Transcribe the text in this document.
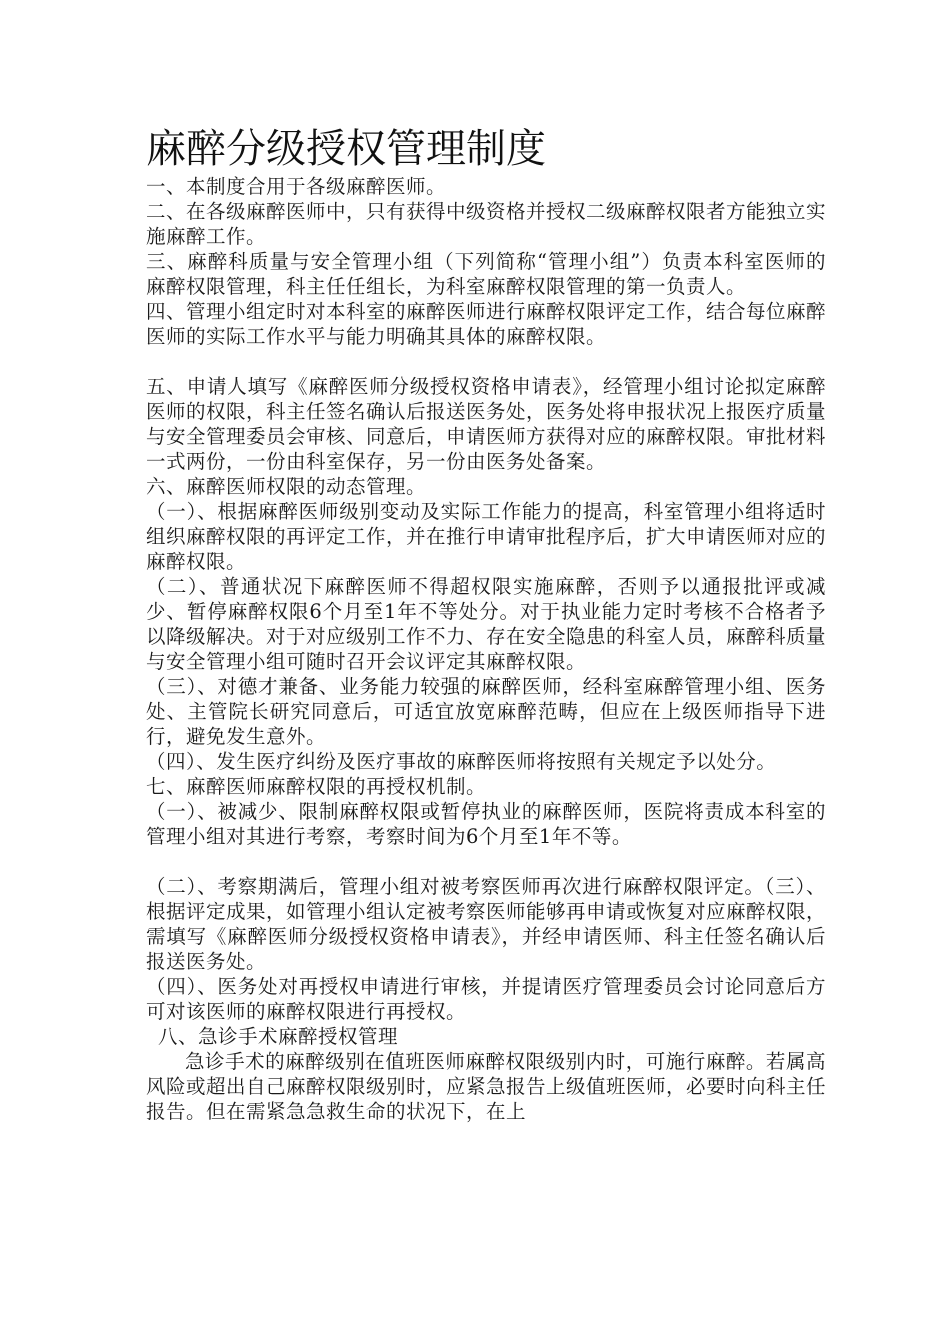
麻醉分级授权管理制度

一、本制度合用于各级麻醉医师。

二、在各级麻醉医师中，只有获得中级资格并授权二级麻醉权限者方能独立实施麻醉工作。

三、麻醉科质量与安全管理小组（下列简称“管理小组”）负责本科室医师的麻醉权限管理，科主任任组长，为科室麻醉权限管理的第一负责人。

四、管理小组定时对本科室的麻醉医师进行麻醉权限评定工作，结合每位麻醉医师的实际工作水平与能力明确其具体的麻醉权限。

五、申请人填写《麻醉医师分级授权资格申请表》，经管理小组讨论拟定麻醉医师的权限，科主任签名确认后报送医务处，医务处将申报状况上报医疗质量与安全管理委员会审核、同意后，申请医师方获得对应的麻醉权限。审批材料一式两份，一份由科室保存，另一份由医务处备案。

六、麻醉医师权限的动态管理。

（一）、根据麻醉医师级别变动及实际工作能力的提高，科室管理小组将适时组织麻醉权限的再评定工作，并在推行申请审批程序后，扩大申请医师对应的麻醉权限。

（二）、普通状况下麻醉医师不得超权限实施麻醉，否则予以通报批评或减少、暂停麻醉权限6个月至1年不等处分。对于执业能力定时考核不合格者予以降级解决。对于对应级别工作不力、存在安全隐患的科室人员，麻醉科质量与安全管理小组可随时召开会议评定其麻醉权限。

（三）、对德才兼备、业务能力较强的麻醉医师，经科室麻醉管理小组、医务处、主管院长研究同意后，可适宜放宽麻醉范畴，但应在上级医师指导下进行，避免发生意外。

（四）、发生医疗纠纷及医疗事故的麻醉医师将按照有关规定予以处分。

七、麻醉医师麻醉权限的再授权机制。

（一）、被减少、限制麻醉权限或暂停执业的麻醉医师，医院将责成本科室的管理小组对其进行考察，考察时间为6个月至1年不等。

（二）、考察期满后，管理小组对被考察医师再次进行麻醉权限评定。（三）、根据评定成果，如管理小组认定被考察医师能够再申请或恢复对应麻醉权限，需填写《麻醉医师分级授权资格申请表》，并经申请医师、科主任签名确认后报送医务处。

（四）、医务处对再授权申请进行审核，并提请医疗管理委员会讨论同意后方可对该医师的麻醉权限进行再授权。

八、急诊手术麻醉授权管理

急诊手术的麻醉级别在值班医师麻醉权限级别内时，可施行麻醉。若属高风险或超出自己麻醉权限级别时，应紧急报告上级值班医师，必要时向科主任报告。但在需紧急急救生命的状况下，在上
